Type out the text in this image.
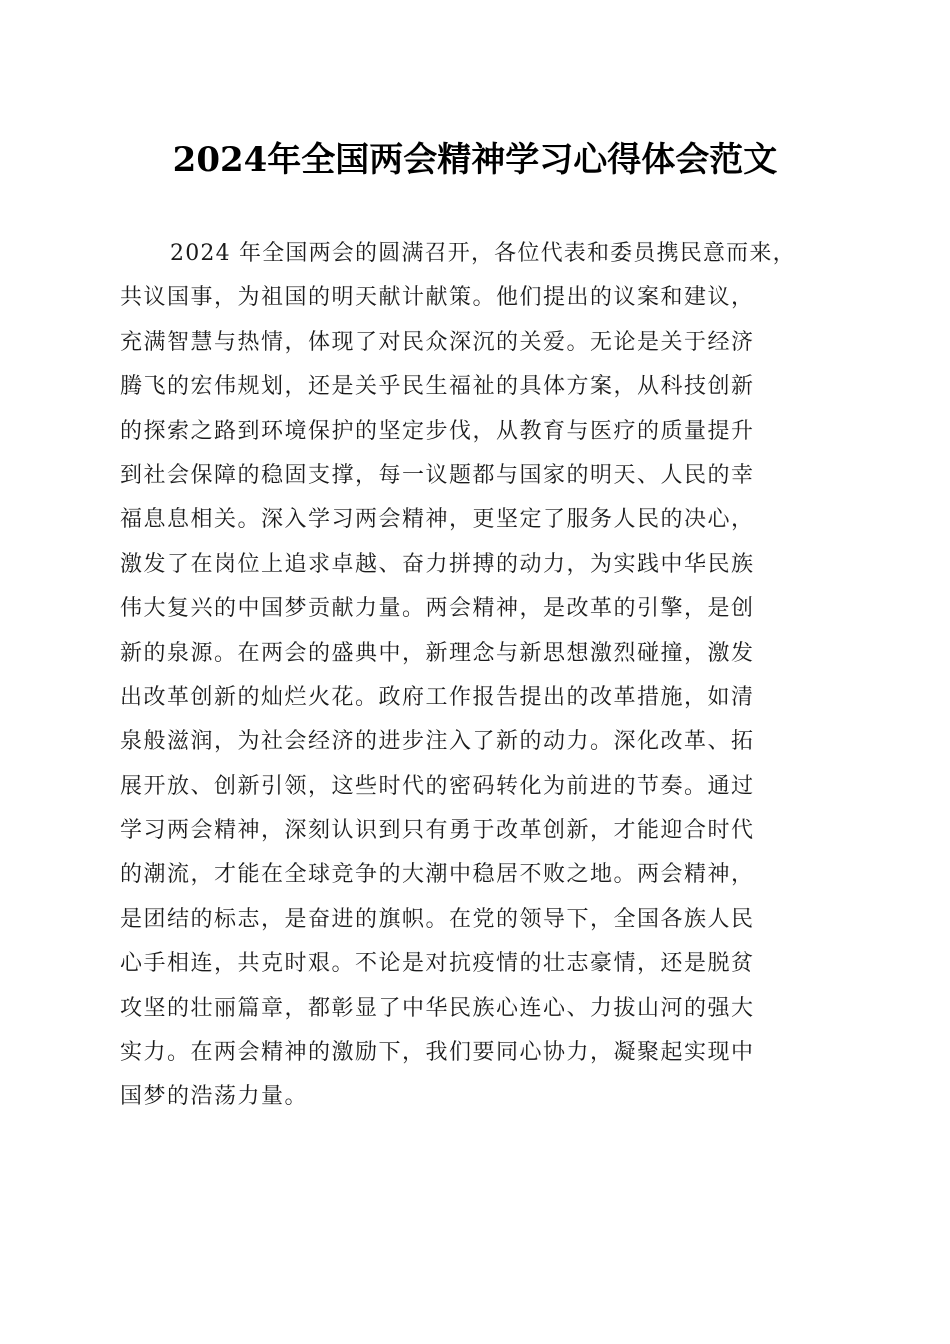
2024年全国两会精神学习心得体会范文
2024 年全国两会的圆满召开，各位代表和委员携民意而来，
共议国事，为祖国的明天献计献策。他们提出的议案和建议，
充满智慧与热情，体现了对民众深沉的关爱。无论是关于经济
腾飞的宏伟规划，还是关乎民生福祉的具体方案，从科技创新
的探索之路到环境保护的坚定步伐，从教育与医疗的质量提升
到社会保障的稳固支撑，每一议题都与国家的明天、人民的幸
福息息相关。深入学习两会精神，更坚定了服务人民的决心，
激发了在岗位上追求卓越、奋力拼搏的动力，为实践中华民族
伟大复兴的中国梦贡献力量。两会精神，是改革的引擎，是创
新的泉源。在两会的盛典中，新理念与新思想激烈碰撞，激发
出改革创新的灿烂火花。政府工作报告提出的改革措施，如清
泉般滋润，为社会经济的进步注入了新的动力。深化改革、拓
展开放、创新引领，这些时代的密码转化为前进的节奏。通过
学习两会精神，深刻认识到只有勇于改革创新，才能迎合时代
的潮流，才能在全球竞争的大潮中稳居不败之地。两会精神，
是团结的标志，是奋进的旗帜。在党的领导下，全国各族人民
心手相连，共克时艰。不论是对抗疫情的壮志豪情，还是脱贫
攻坚的壮丽篇章，都彰显了中华民族心连心、力拔山河的强大
实力。在两会精神的激励下，我们要同心协力，凝聚起实现中
国梦的浩荡力量。
